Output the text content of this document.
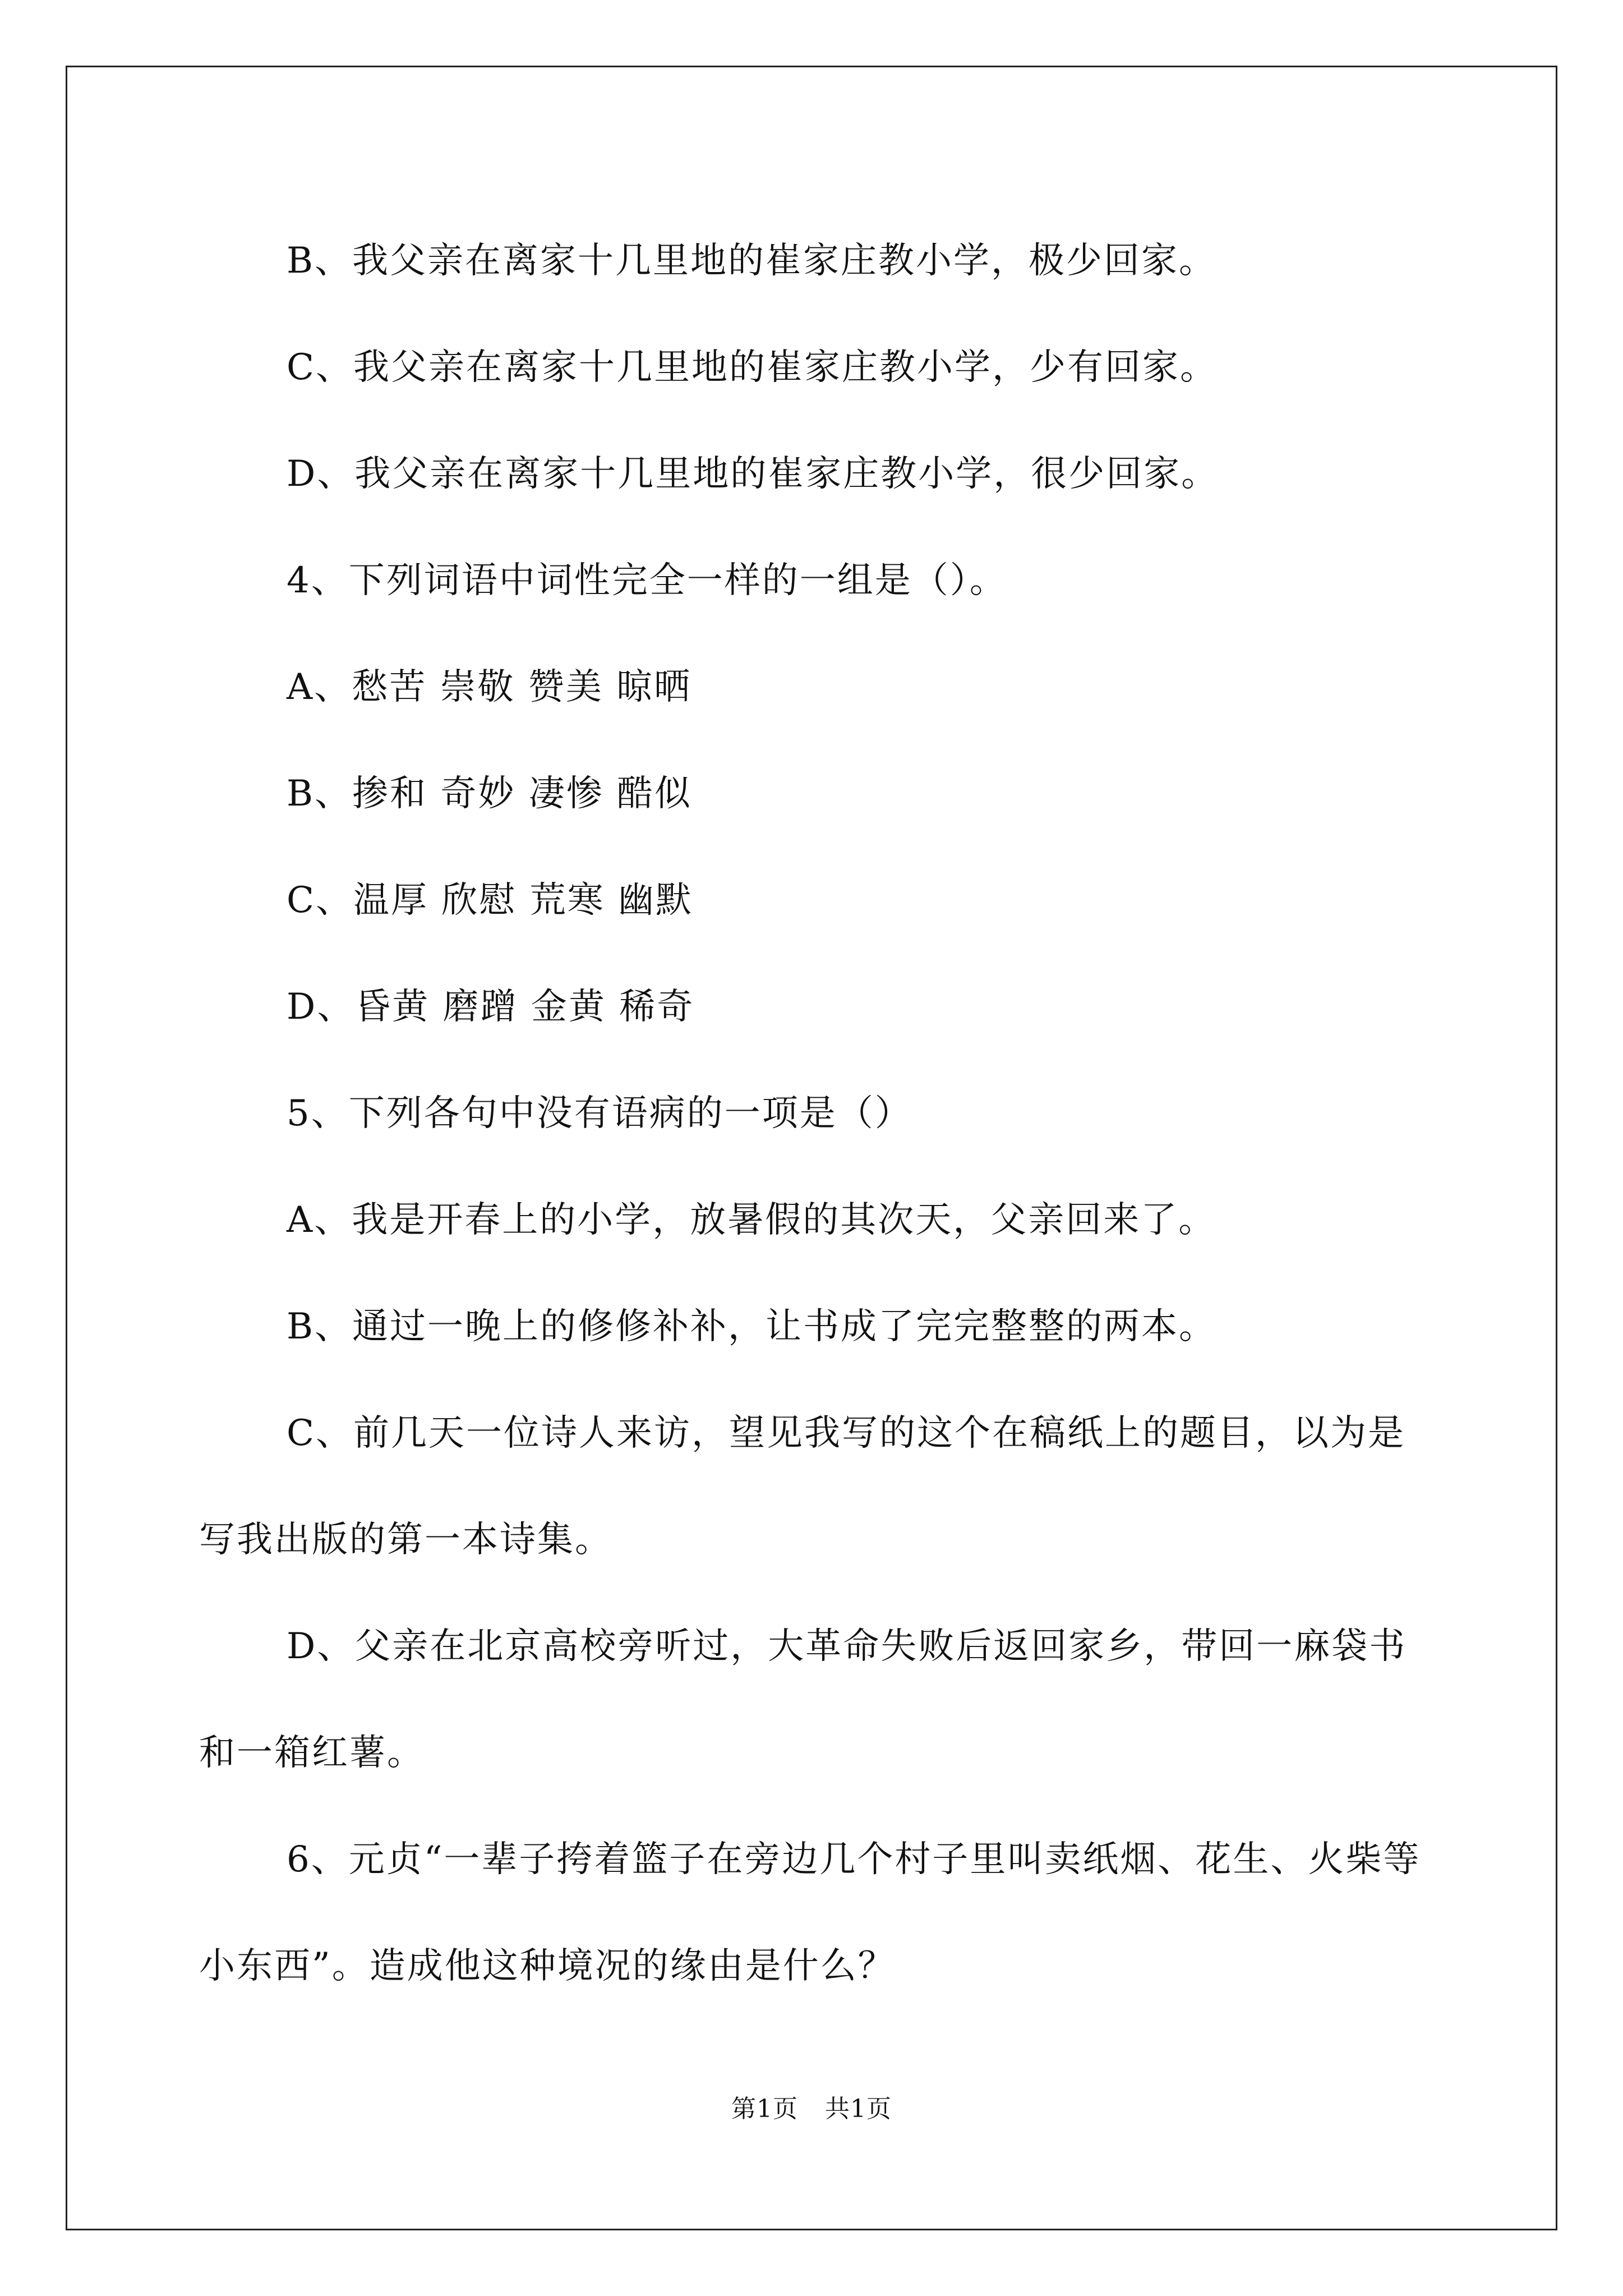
B、我父亲在离家十几里地的崔家庄教小学，极少回家。

C、我父亲在离家十几里地的崔家庄教小学，少有回家。

D、我父亲在离家十几里地的崔家庄教小学，很少回家。

4、下列词语中词性完全一样的一组是（）。

A、愁苦 崇敬 赞美 晾晒

B、掺和 奇妙 凄惨 酷似

C、温厚 欣慰 荒寒 幽默

D、昏黄 磨蹭 金黄 稀奇

5、下列各句中没有语病的一项是（）

A、我是开春上的小学，放暑假的其次天，父亲回来了。

B、通过一晚上的修修补补，让书成了完完整整的两本。

C、前几天一位诗人来访，望见我写的这个在稿纸上的题目，以为是写我出版的第一本诗集。

D、父亲在北京高校旁听过，大革命失败后返回家乡，带回一麻袋书和一箱红薯。

6、元贞“一辈子挎着篮子在旁边几个村子里叫卖纸烟、花生、火柴等小东西”。造成他这种境况的缘由是什么？

第1页 共1页
